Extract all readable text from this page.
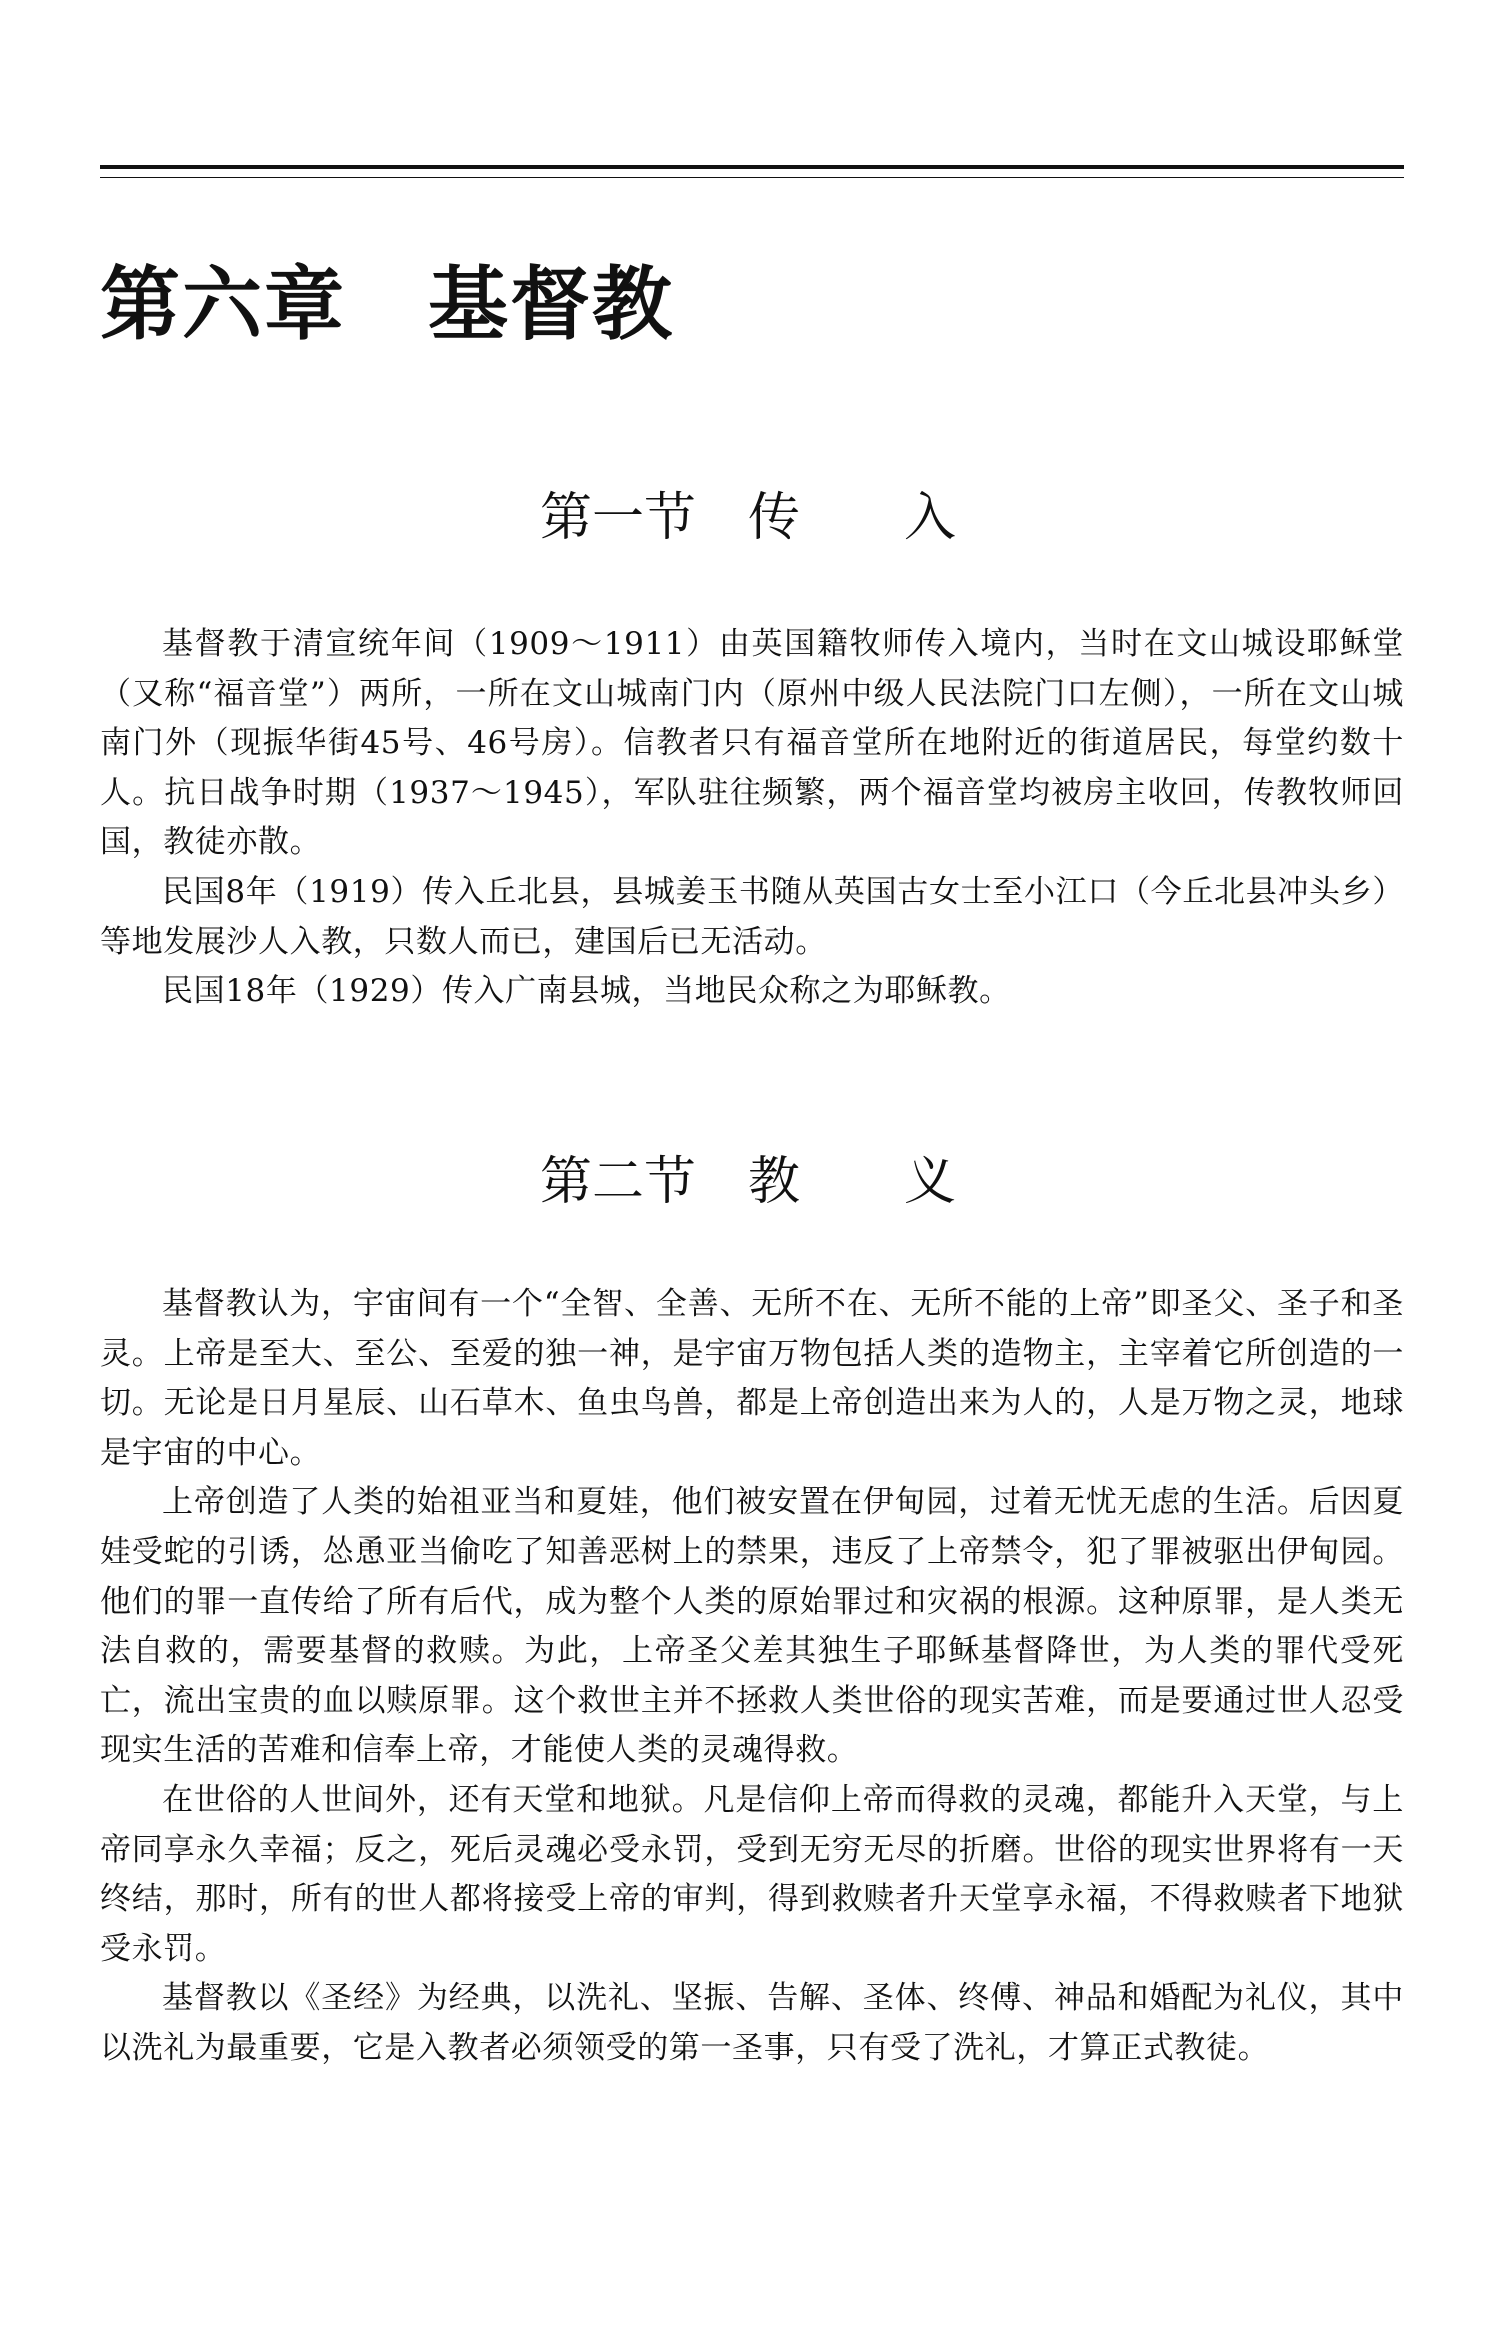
第六章　基督教
第一节　传　　入

基督教于清宣统年间（1909～1911）由英国籍牧师传入境内，当时在文山城设耶稣堂（又称“福音堂”）两所，一所在文山城南门内（原州中级人民法院门口左侧），一所在文山城南门外（现振华街45号、46号房）。信教者只有福音堂所在地附近的街道居民，每堂约数十人。抗日战争时期（1937～1945），军队驻往频繁，两个福音堂均被房主收回，传教牧师回国，教徒亦散。

民国8年（1919）传入丘北县，县城姜玉书随从英国古女士至小江口（今丘北县冲头乡）等地发展沙人入教，只数人而已，建国后已无活动。

民国18年（1929）传入广南县城，当地民众称之为耶稣教。

第二节　教　　义

基督教认为，宇宙间有一个“全智、全善、无所不在、无所不能的上帝”即圣父、圣子和圣灵。上帝是至大、至公、至爱的独一神，是宇宙万物包括人类的造物主，主宰着它所创造的一切。无论是日月星辰、山石草木、鱼虫鸟兽，都是上帝创造出来为人的，人是万物之灵，地球是宇宙的中心。

上帝创造了人类的始祖亚当和夏娃，他们被安置在伊甸园，过着无忧无虑的生活。后因夏娃受蛇的引诱，怂恿亚当偷吃了知善恶树上的禁果，违反了上帝禁令，犯了罪被驱出伊甸园。他们的罪一直传给了所有后代，成为整个人类的原始罪过和灾祸的根源。这种原罪，是人类无法自救的，需要基督的救赎。为此，上帝圣父差其独生子耶稣基督降世，为人类的罪代受死亡，流出宝贵的血以赎原罪。这个救世主并不拯救人类世俗的现实苦难，而是要通过世人忍受现实生活的苦难和信奉上帝，才能使人类的灵魂得救。

在世俗的人世间外，还有天堂和地狱。凡是信仰上帝而得救的灵魂，都能升入天堂，与上帝同享永久幸福；反之，死后灵魂必受永罚，受到无穷无尽的折磨。世俗的现实世界将有一天终结，那时，所有的世人都将接受上帝的审判，得到救赎者升天堂享永福，不得救赎者下地狱受永罚。

基督教以《圣经》为经典，以洗礼、坚振、告解、圣体、终傅、神品和婚配为礼仪，其中以洗礼为最重要，它是入教者必须领受的第一圣事，只有受了洗礼，才算正式教徒。
